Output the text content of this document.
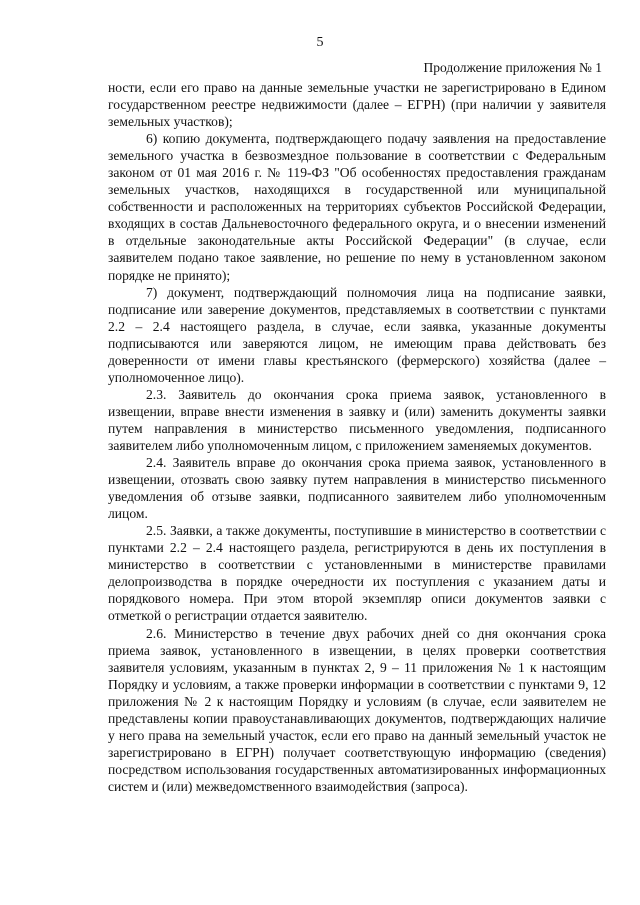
5
Продолжение приложения № 1

ности, если его право на данные земельные участки не зарегистрировано в Едином государственном реестре недвижимости (далее – ЕГРН) (при наличии у заявителя земельных участков);

6) копию документа, подтверждающего подачу заявления на предоставление земельного участка в безвозмездное пользование в соответствии с Федеральным законом от 01 мая 2016 г. № 119-ФЗ "Об особенностях предоставления гражданам земельных участков, находящихся в государственной или муниципальной собственности и расположенных на территориях субъектов Российской Федерации, входящих в состав Дальневосточного федерального округа, и о внесении изменений в отдельные законодательные акты Российской Федерации" (в случае, если заявителем подано такое заявление, но решение по нему в установленном законом порядке не принято);

7) документ, подтверждающий полномочия лица на подписание заявки, подписание или заверение документов, представляемых в соответствии с пунктами 2.2 – 2.4 настоящего раздела, в случае, если заявка, указанные документы подписываются или заверяются лицом, не имеющим права действовать без доверенности от имени главы крестьянского (фермерского) хозяйства (далее – уполномоченное лицо).

2.3. Заявитель до окончания срока приема заявок, установленного в извещении, вправе внести изменения в заявку и (или) заменить документы заявки путем направления в министерство письменного уведомления, подписанного заявителем либо уполномоченным лицом, с приложением заменяемых документов.

2.4. Заявитель вправе до окончания срока приема заявок, установленного в извещении, отозвать свою заявку путем направления в министерство письменного уведомления об отзыве заявки, подписанного заявителем либо уполномоченным лицом.

2.5. Заявки, а также документы, поступившие в министерство в соответствии с пунктами 2.2 – 2.4 настоящего раздела, регистрируются в день их поступления в министерство в соответствии с установленными в министерстве правилами делопроизводства в порядке очередности их поступления с указанием даты и порядкового номера. При этом второй экземпляр описи документов заявки с отметкой о регистрации отдается заявителю.

2.6. Министерство в течение двух рабочих дней со дня окончания срока приема заявок, установленного в извещении, в целях проверки соответствия заявителя условиям, указанным в пунктах 2, 9 – 11 приложения № 1 к настоящим Порядку и условиям, а также проверки информации в соответствии с пунктами 9, 12 приложения № 2 к настоящим Порядку и условиям (в случае, если заявителем не представлены копии правоустанавливающих документов, подтверждающих наличие у него права на земельный участок, если его право на данный земельный участок не зарегистрировано в ЕГРН) получает соответствующую информацию (сведения) посредством использования государственных автоматизированных информационных систем и (или) межведомственного взаимодействия (запроса).
